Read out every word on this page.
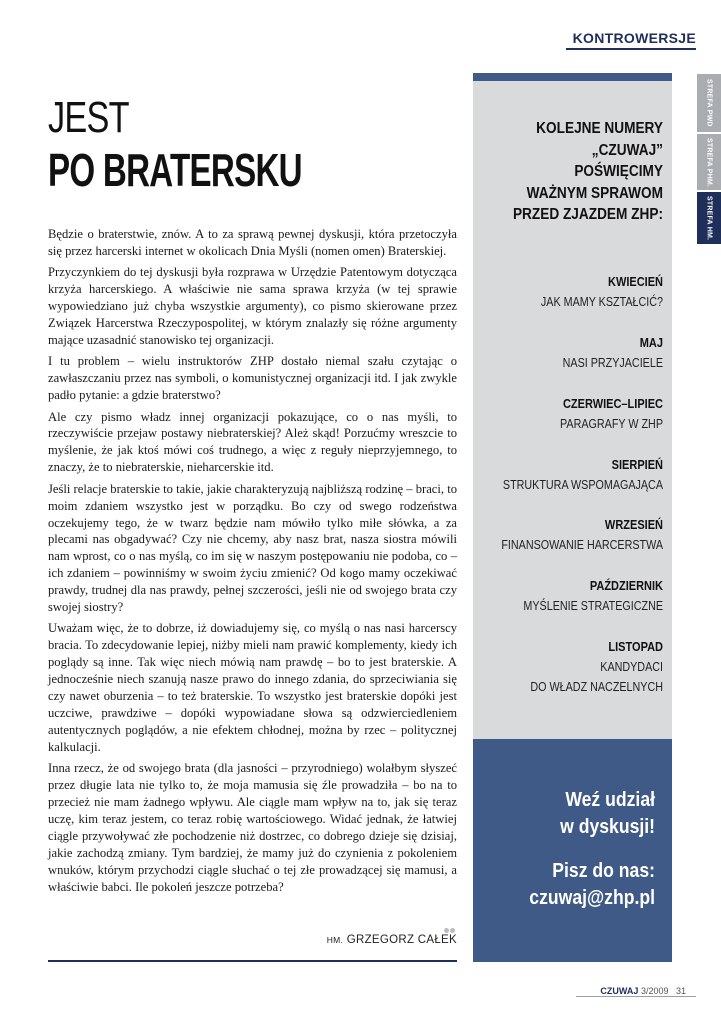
KONTROWERSJE
STREFA PWD
STREFA PHM.
STREFA HM.
JEST
PO BRATERSKU

Będzie o braterstwie, znów. A to za sprawą pewnej dyskusji, która przetoczyła się przez harcerski internet w okolicach Dnia Myśli (nomen omen) Braterskiej.

Przyczynkiem do tej dyskusji była rozprawa w Urzędzie Patentowym dotycząca krzyża harcerskiego. A właściwie nie sama sprawa krzyża (w tej sprawie wypowiedziano już chyba wszystkie argumenty), co pismo skierowane przez Związek Harcerstwa Rzeczypospolitej, w którym znalazły się różne argumenty mające uzasadnić stanowisko tej organizacji.

I tu problem – wielu instruktorów ZHP dostało niemal szału czytając o zawłaszczaniu przez nas symboli, o komunistycznej organizacji itd. I jak zwykle padło pytanie: a gdzie braterstwo?

Ale czy pismo władz innej organizacji pokazujące, co o nas myśli, to rzeczywiście przejaw postawy niebraterskiej? Ależ skąd! Porzućmy wreszcie to myślenie, że jak ktoś mówi coś trudnego, a więc z reguły nieprzyjemnego, to znaczy, że to niebraterskie, nieharcerskie itd.

Jeśli relacje braterskie to takie, jakie charakteryzują najbliższą rodzinę – braci, to moim zdaniem wszystko jest w porządku. Bo czy od swego rodzeństwa oczekujemy tego, że w twarz będzie nam mówiło tylko miłe słówka, a za plecami nas obgadywać? Czy nie chcemy, aby nasz brat, nasza siostra mówili nam wprost, co o nas myślą, co im się w naszym postępowaniu nie podoba, co – ich zdaniem – powinniśmy w swoim życiu zmienić? Od kogo mamy oczekiwać prawdy, trudnej dla nas prawdy, pełnej szczerości, jeśli nie od swojego brata czy swojej siostry?

Uważam więc, że to dobrze, iż dowiadujemy się, co myślą o nas nasi harcerscy bracia. To zdecydowanie lepiej, niżby mieli nam prawić komplementy, kiedy ich poglądy są inne. Tak więc niech mówią nam prawdę – bo to jest braterskie. A jednocześnie niech szanują nasze prawo do innego zdania, do sprzeciwiania się czy nawet oburzenia – to też braterskie. To wszystko jest braterskie dopóki jest uczciwe, prawdziwe – dopóki wypowiadane słowa są odzwierciedleniem autentycznych poglądów, a nie efektem chłodnej, można by rzec – politycznej kalkulacji.

Inna rzecz, że od swojego brata (dla jasności – przyrodniego) wolałbym słyszeć przez długie lata nie tylko to, że moja mamusia się źle prowadziła – bo na to przecież nie mam żadnego wpływu. Ale ciągle mam wpływ na to, jak się teraz uczę, kim teraz jestem, co teraz robię wartościowego. Widać jednak, że łatwiej ciągle przywoływać złe pochodzenie niż dostrzec, co dobrego dzieje się dzisiaj, jakie zachodzą zmiany. Tym bardziej, że mamy już do czynienia z pokoleniem wnuków, którym przychodzi ciągle słuchać o tej złe prowadzącej się mamusi, a właściwie babci. Ile pokoleń jeszcze potrzeba?

HM. GRZEGORZ CAŁEK
KOLEJNE NUMERY
„CZUWAJ”
POŚWIĘCIMY
WAŻNYM SPRAWOM
PRZED ZJAZDEM ZHP:
KWIECIEŃ
JAK MAMY KSZTAŁCIĆ?
MAJ
NASI PRZYJACIELE
CZERWIEC–LIPIEC
PARAGRAFY W ZHP
SIERPIEŃ
STRUKTURA WSPOMAGAJĄCA
WRZESIEŃ
FINANSOWANIE HARCERSTWA
PAŹDZIERNIK
MYŚLENIE STRATEGICZNE
LISTOPAD
KANDYDACI
DO WŁADZ NACZELNYCH
Weź udział
w dyskusji!
Pisz do nas:
czuwaj@zhp.pl
CZUWAJ 3/2009 31
